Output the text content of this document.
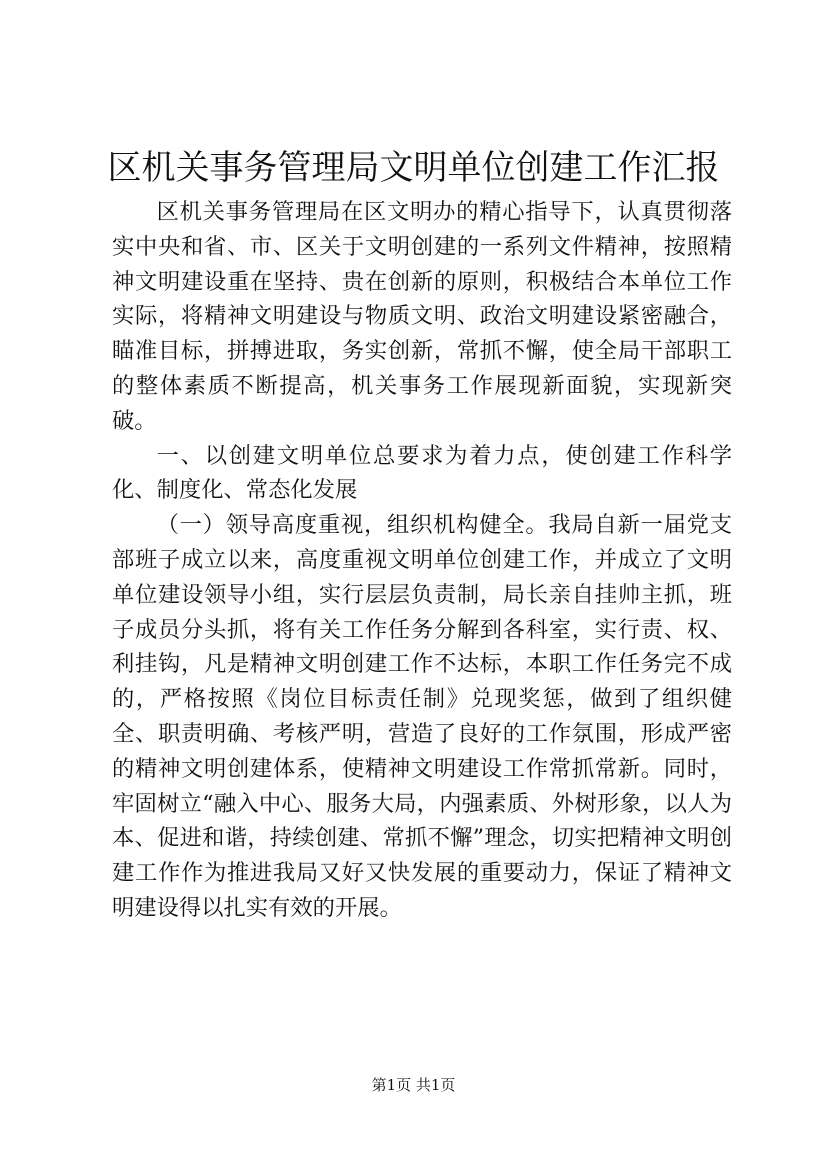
区机关事务管理局文明单位创建工作汇报

区机关事务管理局在区文明办的精心指导下，认真贯彻落实中央和省、市、区关于文明创建的一系列文件精神，按照精神文明建设重在坚持、贵在创新的原则，积极结合本单位工作实际，将精神文明建设与物质文明、政治文明建设紧密融合，瞄准目标，拼搏进取，务实创新，常抓不懈，使全局干部职工的整体素质不断提高，机关事务工作展现新面貌，实现新突破。

一、以创建文明单位总要求为着力点，使创建工作科学化、制度化、常态化发展

（一）领导高度重视，组织机构健全。我局自新一届党支部班子成立以来，高度重视文明单位创建工作，并成立了文明单位建设领导小组，实行层层负责制，局长亲自挂帅主抓，班子成员分头抓，将有关工作任务分解到各科室，实行责、权、利挂钩，凡是精神文明创建工作不达标，本职工作任务完不成的，严格按照《岗位目标责任制》兑现奖惩，做到了组织健全、职责明确、考核严明，营造了良好的工作氛围，形成严密的精神文明创建体系，使精神文明建设工作常抓常新。同时，牢固树立“融入中心、服务大局，内强素质、外树形象，以人为本、促进和谐，持续创建、常抓不懈”理念，切实把精神文明创建工作作为推进我局又好又快发展的重要动力，保证了精神文明建设得以扎实有效的开展。

第1页 共1页
